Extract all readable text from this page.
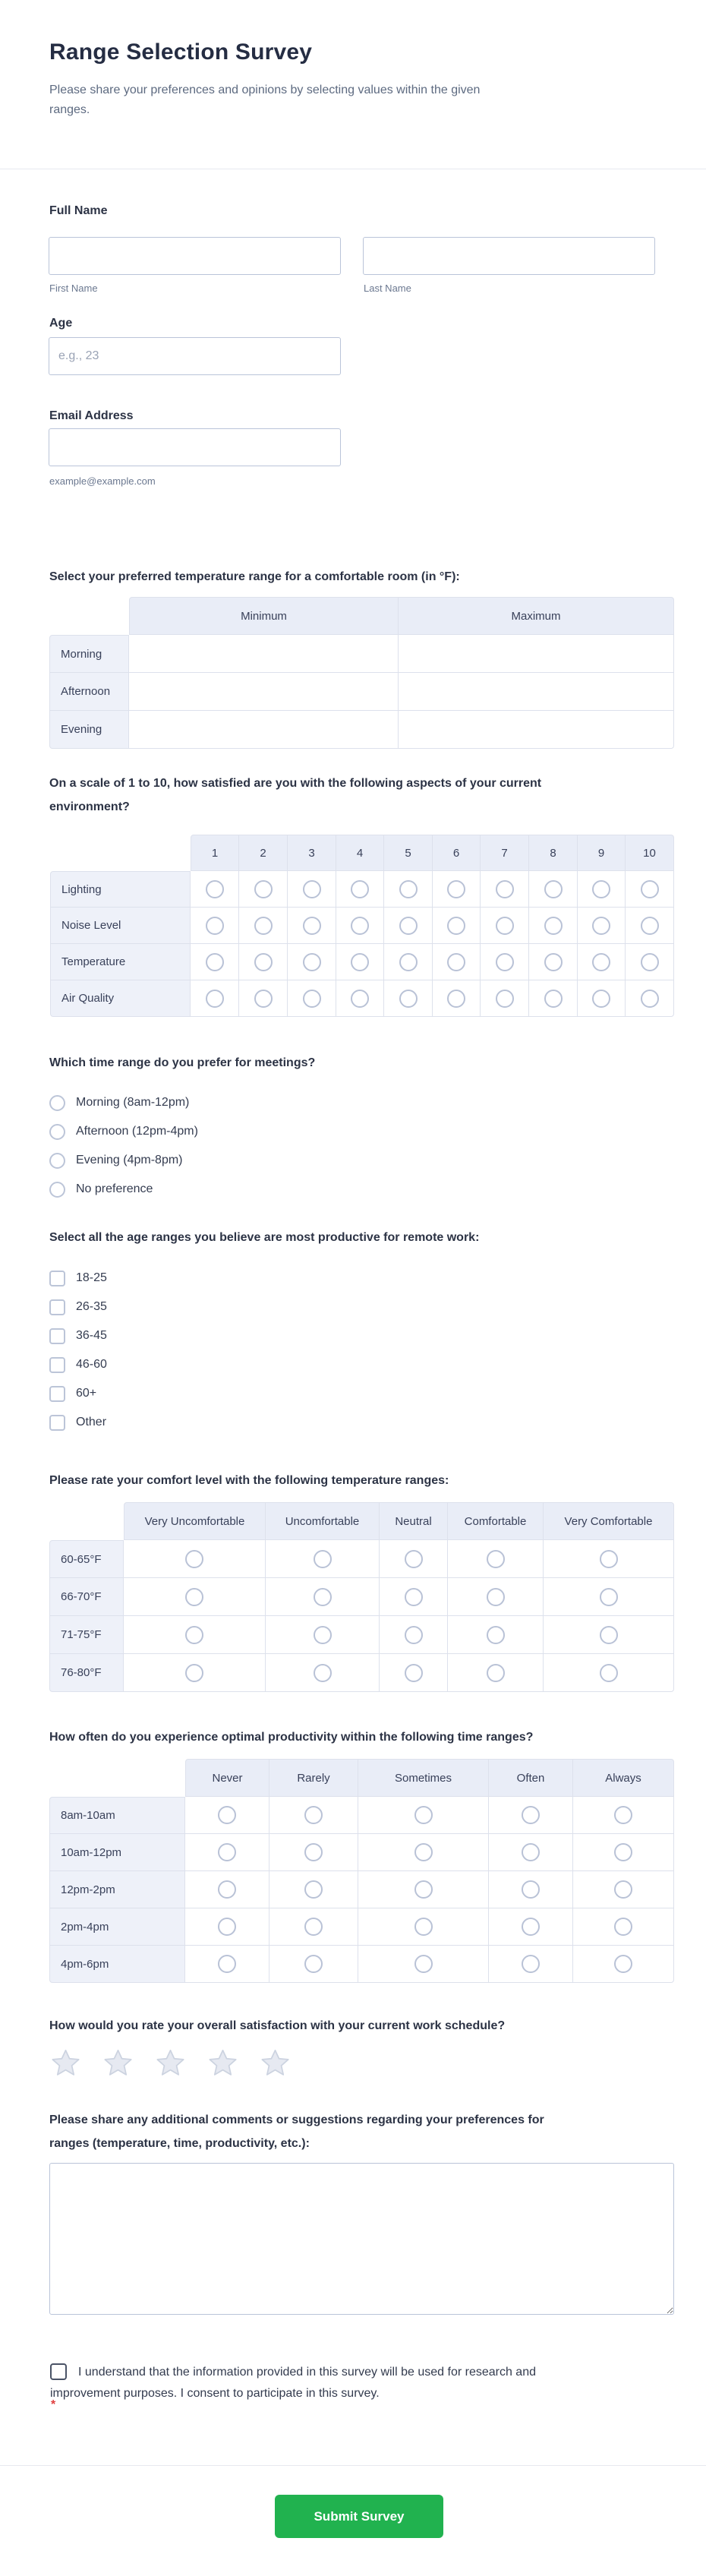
Range Selection Survey
Please share your preferences and opinions by selecting values within the given ranges.
Full Name
First Name	Last Name
Age
e.g., 23
Email Address
example@example.com
Select your preferred temperature range for a comfortable room (in °F):
Minimum	Maximum
Morning
Afternoon
Evening
On a scale of 1 to 10, how satisfied are you with the following aspects of your current environment?
1	2	3	4	5	6	7	8	9	10
Lighting
Noise Level
Temperature
Air Quality
Which time range do you prefer for meetings?
Morning (8am-12pm)
Afternoon (12pm-4pm)
Evening (4pm-8pm)
No preference
Select all the age ranges you believe are most productive for remote work:
18-25
26-35
36-45
46-60
60+
Other
Please rate your comfort level with the following temperature ranges:
Very Uncomfortable	Uncomfortable	Neutral	Comfortable	Very Comfortable
60-65°F
66-70°F
71-75°F
76-80°F
How often do you experience optimal productivity within the following time ranges?
Never	Rarely	Sometimes	Often	Always
8am-10am
10am-12pm
12pm-2pm
2pm-4pm
4pm-6pm
How would you rate your overall satisfaction with your current work schedule?
Please share any additional comments or suggestions regarding your preferences for ranges (temperature, time, productivity, etc.):
I understand that the information provided in this survey will be used for research and improvement purposes. I consent to participate in this survey.
*
Submit Survey
